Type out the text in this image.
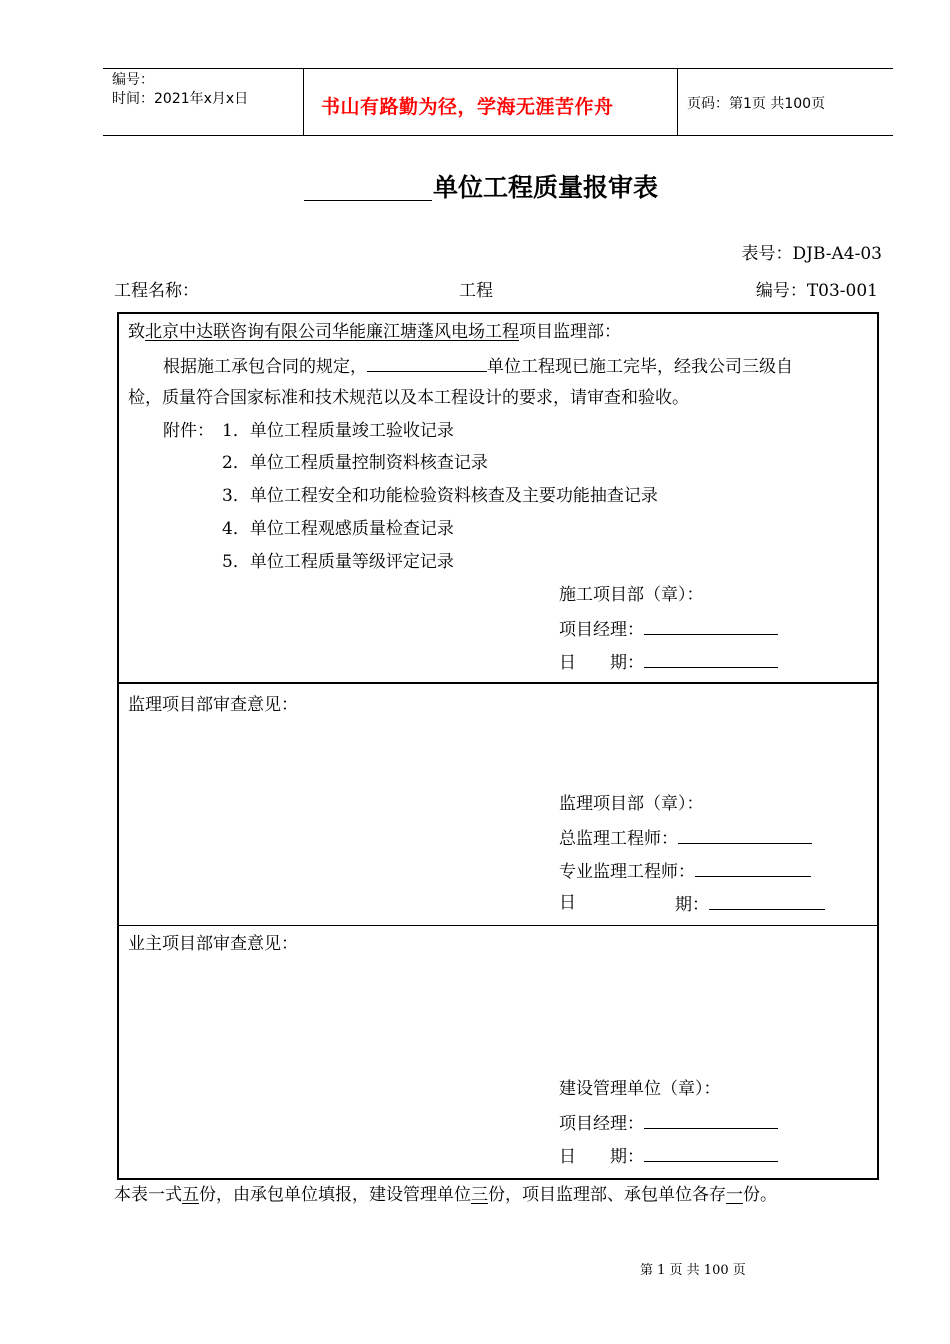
编号：
时间：2021年x月x日	书山有路勤为径，学海无涯苦作舟	页码：第1页 共100页
单位工程质量报审表
表号：DJB-A4-03
工程名称：	工程	编号：T03-001
致北京中达联咨询有限公司华能廉江塘蓬风电场工程项目监理部：
根据施工承包合同的规定，	单位工程现已施工完毕，经我公司三级自
检，质量符合国家标准和技术规范以及本工程设计的要求，请审查和验收。
附件： 1．单位工程质量竣工验收记录
2．单位工程质量控制资料核查记录
3．单位工程安全和功能检验资料核查及主要功能抽查记录
4．单位工程观感质量检查记录
5．单位工程质量等级评定记录
施工项目部（章）：
项目经理：
日　　期：
监理项目部审查意见：
监理项目部（章）：
总监理工程师：
专业监理工程师：
日	期：
业主项目部审查意见：
建设管理单位（章）：
项目经理：
日　　期：
本表一式五份，由承包单位填报，建设管理单位三份，项目监理部、承包单位各存一份。
第 1 页 共 100 页
